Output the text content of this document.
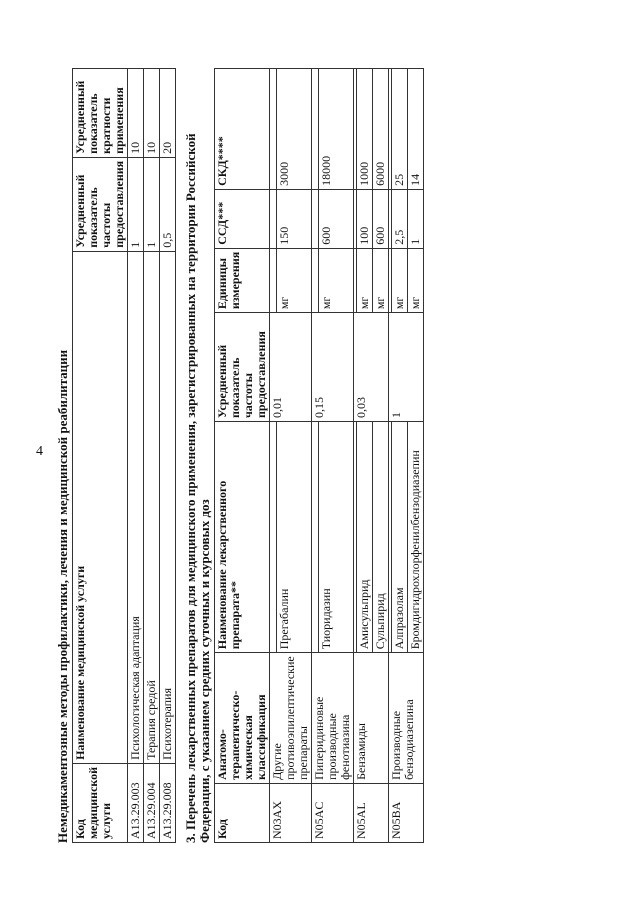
4 Немедикаментозные методы профилактики, лечения и медицинской реабилитации Код медицинской услуги	Наименование медицинской услуги	Усредненный показатель частоты предоставления	Усредненный показатель кратности применения
A13.29.003	Психологическая адаптация	1	10
A13.29.004	Терапия средой	1	10
A13.29.008	Психотерапия	0,5	20 3. Перечень лекарственных препаратов для медицинского применения, зарегистрированных на территории Российской Федерации, с указанием средних суточных и курсовых доз Код	Анатомо-терапевтическо-химическая классификация	Наименование лекарственного препарата**	Усредненный показатель частоты предоставления	Единицы измерения	ССД***	СКД****
N03AX	Другие противоэпилептические препараты		0,01			
		Прегабалин		мг	150	3000
N05AC	Пиперидиновые производные фенотиазина		0,15			
		Тиоридазин		мг	600	18000
N05AL	Бензамиды		0,03			
		Амисульприд		мг	100	1000
		Сульпирид		мг	600	6000
N05BA	Производные бензодиазепина		1			
		Алпразолам		мг	2,5	25
		Бромдигидрохлорфенилбензодиазепин		мг	1	14
